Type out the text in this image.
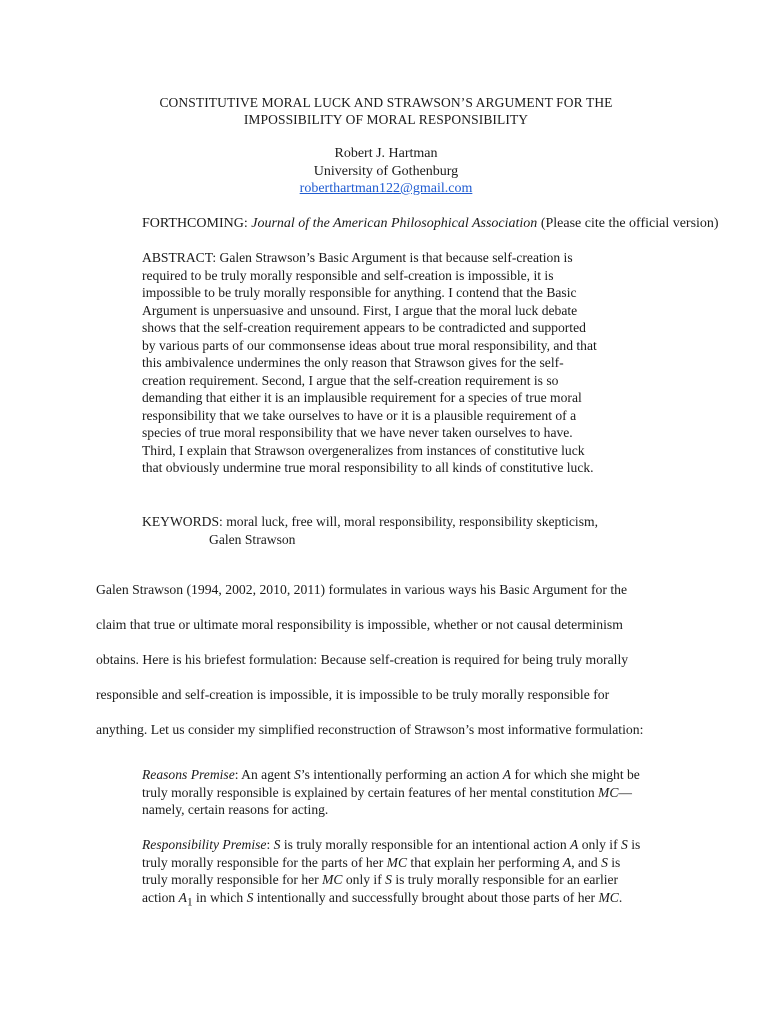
CONSTITUTIVE MORAL LUCK AND STRAWSON’S ARGUMENT FOR THE
IMPOSSIBILITY OF MORAL RESPONSIBILITY
Robert J. Hartman
University of Gothenburg
roberthartman122@gmail.com
FORTHCOMING: Journal of the American Philosophical Association (Please cite the official version)
ABSTRACT: Galen Strawson’s Basic Argument is that because self-creation is
required to be truly morally responsible and self-creation is impossible, it is
impossible to be truly morally responsible for anything. I contend that the Basic
Argument is unpersuasive and unsound. First, I argue that the moral luck debate
shows that the self-creation requirement appears to be contradicted and supported
by various parts of our commonsense ideas about true moral responsibility, and that
this ambivalence undermines the only reason that Strawson gives for the self-
creation requirement. Second, I argue that the self-creation requirement is so
demanding that either it is an implausible requirement for a species of true moral
responsibility that we take ourselves to have or it is a plausible requirement of a
species of true moral responsibility that we have never taken ourselves to have.
Third, I explain that Strawson overgeneralizes from instances of constitutive luck
that obviously undermine true moral responsibility to all kinds of constitutive luck.
KEYWORDS: moral luck, free will, moral responsibility, responsibility skepticism,
Galen Strawson
Galen Strawson (1994, 2002, 2010, 2011) formulates in various ways his Basic Argument for the
claim that true or ultimate moral responsibility is impossible, whether or not causal determinism
obtains. Here is his briefest formulation: Because self-creation is required for being truly morally
responsible and self-creation is impossible, it is impossible to be truly morally responsible for
anything. Let us consider my simplified reconstruction of Strawson’s most informative formulation:
Reasons Premise: An agent S’s intentionally performing an action A for which she might be
truly morally responsible is explained by certain features of her mental constitution MC—
namely, certain reasons for acting.
Responsibility Premise: S is truly morally responsible for an intentional action A only if S is
truly morally responsible for the parts of her MC that explain her performing A, and S is
truly morally responsible for her MC only if S is truly morally responsible for an earlier
action $A_1$ in which S intentionally and successfully brought about those parts of her MC.
